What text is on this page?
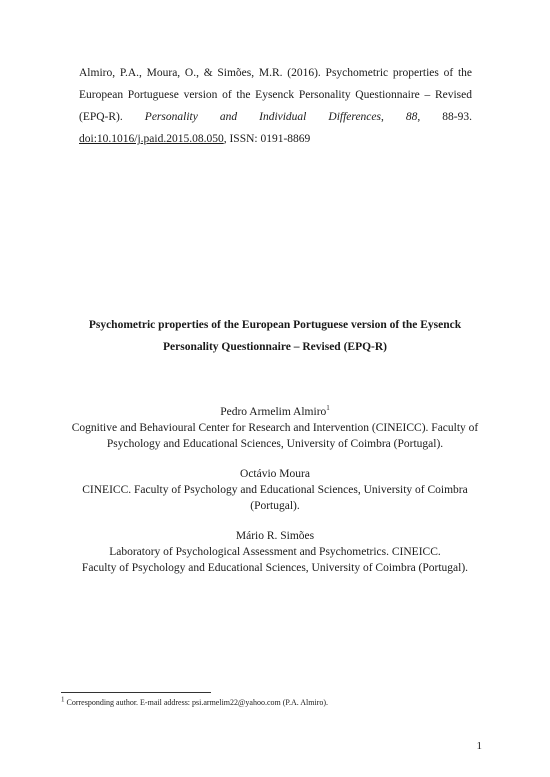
Almiro, P.A., Moura, O., & Simões, M.R. (2016). Psychometric properties of the
European Portuguese version of the Eysenck Personality Questionnaire – Revised
(EPQ-R). Personality and Individual Differences, 88, 88-93.
doi:10.1016/j.paid.2015.08.050, ISSN: 0191-8869
Psychometric properties of the European Portuguese version of the Eysenck
Personality Questionnaire – Revised (EPQ-R)
Pedro Armelim Almiro$^1$
Cognitive and Behavioural Center for Research and Intervention (CINEICC). Faculty of
Psychology and Educational Sciences, University of Coimbra (Portugal).
Octávio Moura
CINEICC. Faculty of Psychology and Educational Sciences, University of Coimbra
(Portugal).
Mário R. Simões
Laboratory of Psychological Assessment and Psychometrics. CINEICC.
Faculty of Psychology and Educational Sciences, University of Coimbra (Portugal).
$^1$ Corresponding author. E-mail address: psi.armelim22@yahoo.com (P.A. Almiro).
1
